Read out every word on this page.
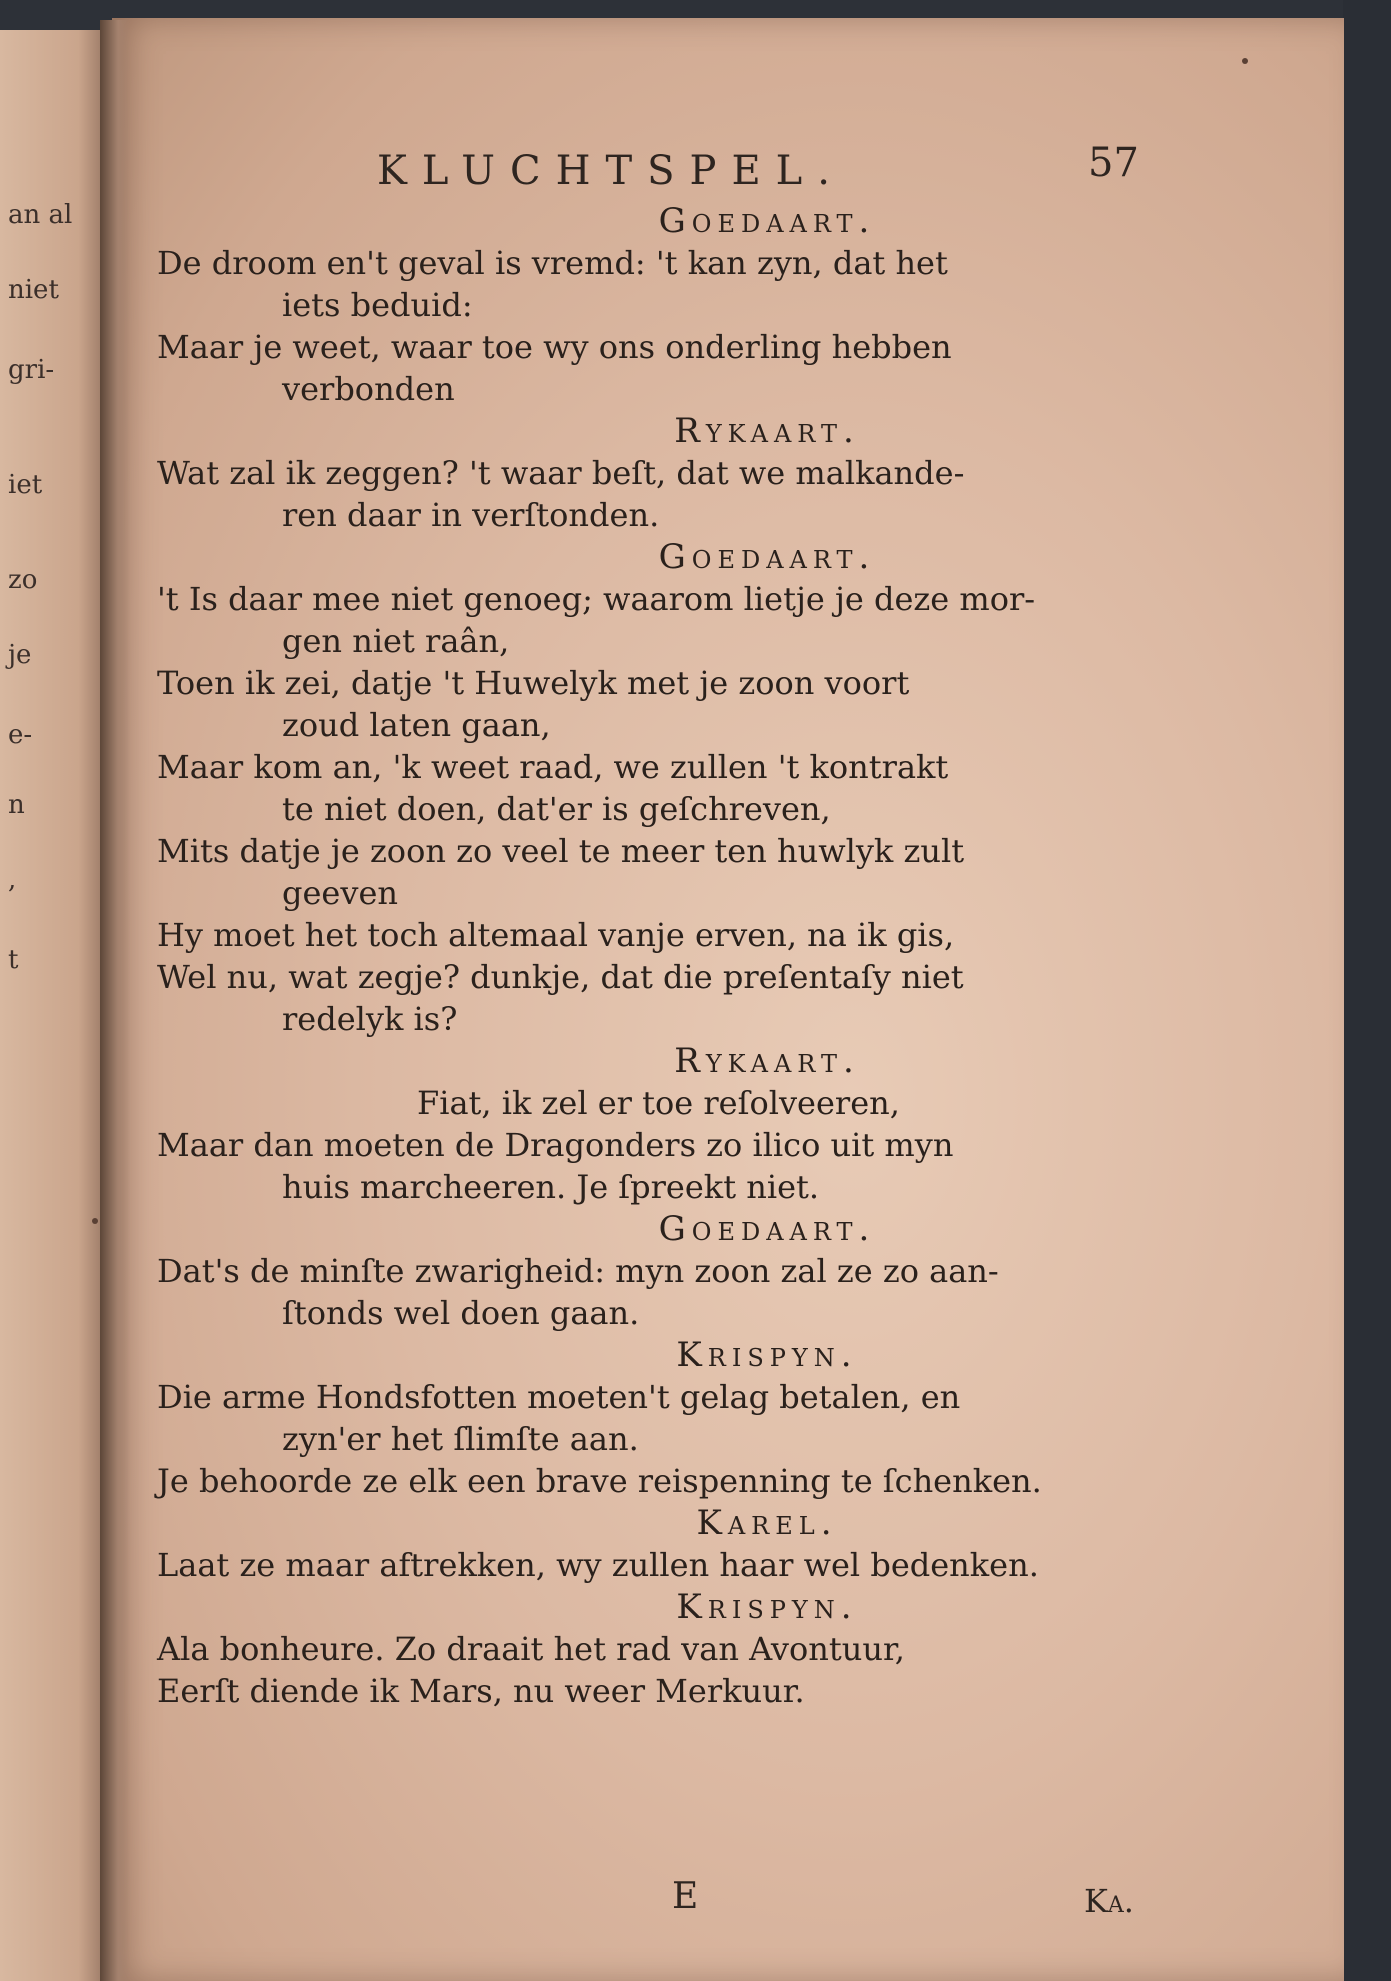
an al
niet
gri-
iet
zo
je
e-
n
,
t
KLUCHTSPEL.	57
Goedaart.
De droom en't geval is vremd: 't kan zyn, dat het
iets beduid:
Maar je weet, waar toe wy ons onderling hebben
verbonden
Rykaart.
Wat zal ik zeggen? 't waar beſt, dat we malkande-
ren daar in verſtonden.
Goedaart.
't Is daar mee niet genoeg; waarom lietje je deze mor-
gen niet raân,
Toen ik zei, datje 't Huwelyk met je zoon voort
zoud laten gaan,
Maar kom an, 'k weet raad, we zullen 't kontrakt
te niet doen, dat'er is geſchreven,
Mits datje je zoon zo veel te meer ten huwlyk zult
geeven
Hy moet het toch altemaal vanje erven, na ik gis,
Wel nu, wat zegje? dunkje, dat die preſentaſy niet
redelyk is?
Rykaart.
Fiat, ik zel er toe reſolveeren,
Maar dan moeten de Dragonders zo ilico uit myn
huis marcheeren. Je ſpreekt niet.
Goedaart.
Dat's de minſte zwarigheid: myn zoon zal ze zo aan-
ſtonds wel doen gaan.
Krispyn.
Die arme Hondsfotten moeten't gelag betalen, en
zyn'er het ſlimſte aan.
Je behoorde ze elk een brave reispenning te ſchenken.
Karel.
Laat ze maar aftrekken, wy zullen haar wel bedenken.
Krispyn.
Ala bonheure. Zo draait het rad van Avontuur,
Eerſt diende ik Mars, nu weer Merkuur.
E	Ka.
